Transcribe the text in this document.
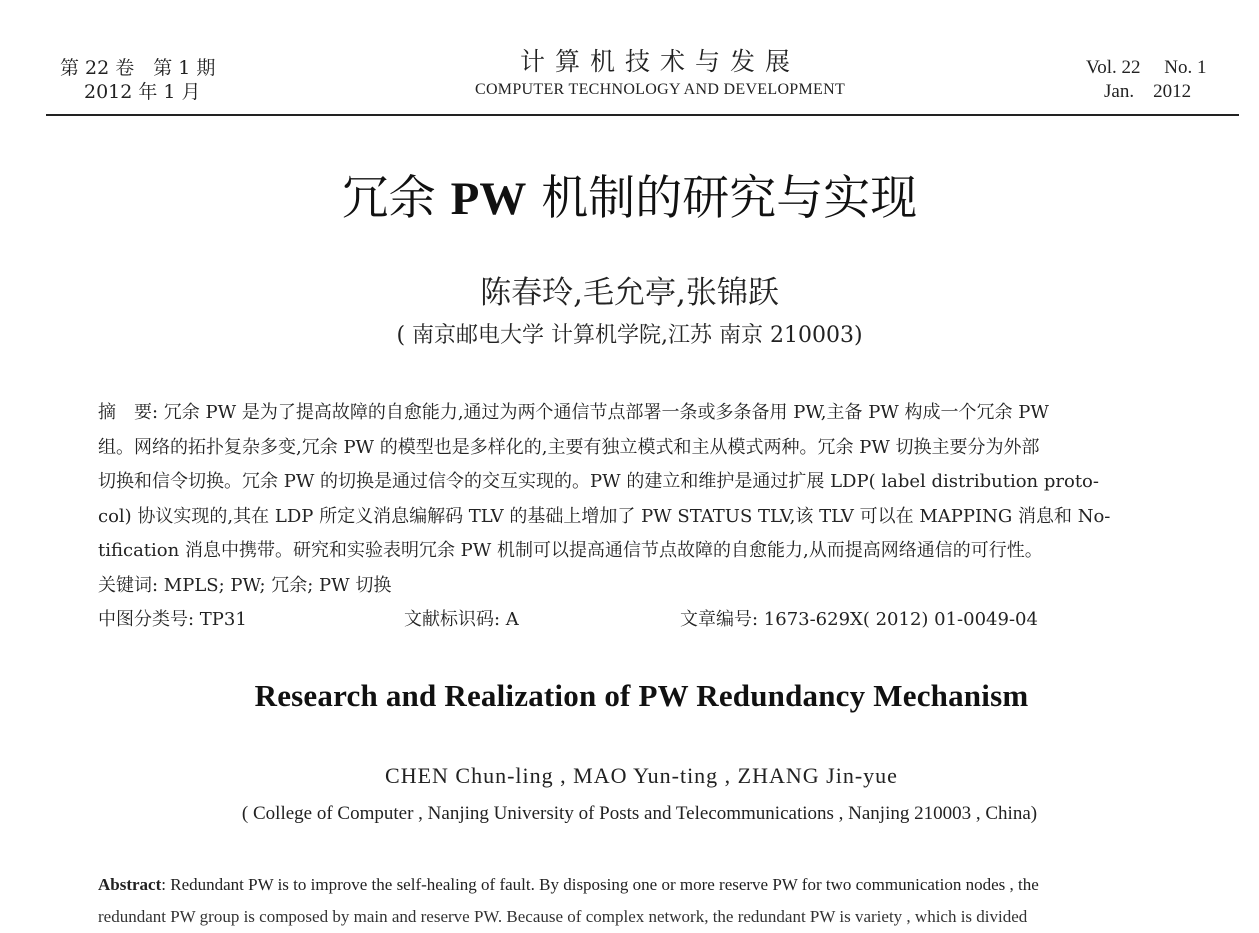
第 22 卷　第 1 期
2012 年 1 月
计算机技术与发展
COMPUTER TECHNOLOGY AND DEVELOPMENT
Vol. 22　 No. 1
Jan.　2012
冗余 PW 机制的研究与实现
陈春玲,毛允亭,张锦跃
( 南京邮电大学 计算机学院,江苏 南京 210003)
摘　要: 冗余 PW 是为了提高故障的自愈能力,通过为两个通信节点部署一条或多条备用 PW,主备 PW 构成一个冗余 PW
组。网络的拓扑复杂多变,冗余 PW 的模型也是多样化的,主要有独立模式和主从模式两种。冗余 PW 切换主要分为外部
切换和信令切换。冗余 PW 的切换是通过信令的交互实现的。PW 的建立和维护是通过扩展 LDP( label distribution proto-
col) 协议实现的,其在 LDP 所定义消息编解码 TLV 的基础上增加了 PW STATUS TLV,该 TLV 可以在 MAPPING 消息和 No-
tification 消息中携带。研究和实验表明冗余 PW 机制可以提高通信节点故障的自愈能力,从而提高网络通信的可行性。
关键词: MPLS; PW; 冗余; PW 切换
中图分类号: TP31	文献标识码: A	文章编号: 1673-629X( 2012) 01-0049-04
Research and Realization of PW Redundancy Mechanism
CHEN Chun-ling , MAO Yun-ting , ZHANG Jin-yue
( College of Computer , Nanjing University of Posts and Telecommunications , Nanjing 210003 , China)
Abstract: Redundant PW is to improve the self-healing of fault. By disposing one or more reserve PW for two communication nodes , the
redundant PW group is composed by main and reserve PW. Because of complex network, the redundant PW is variety , which is divided
